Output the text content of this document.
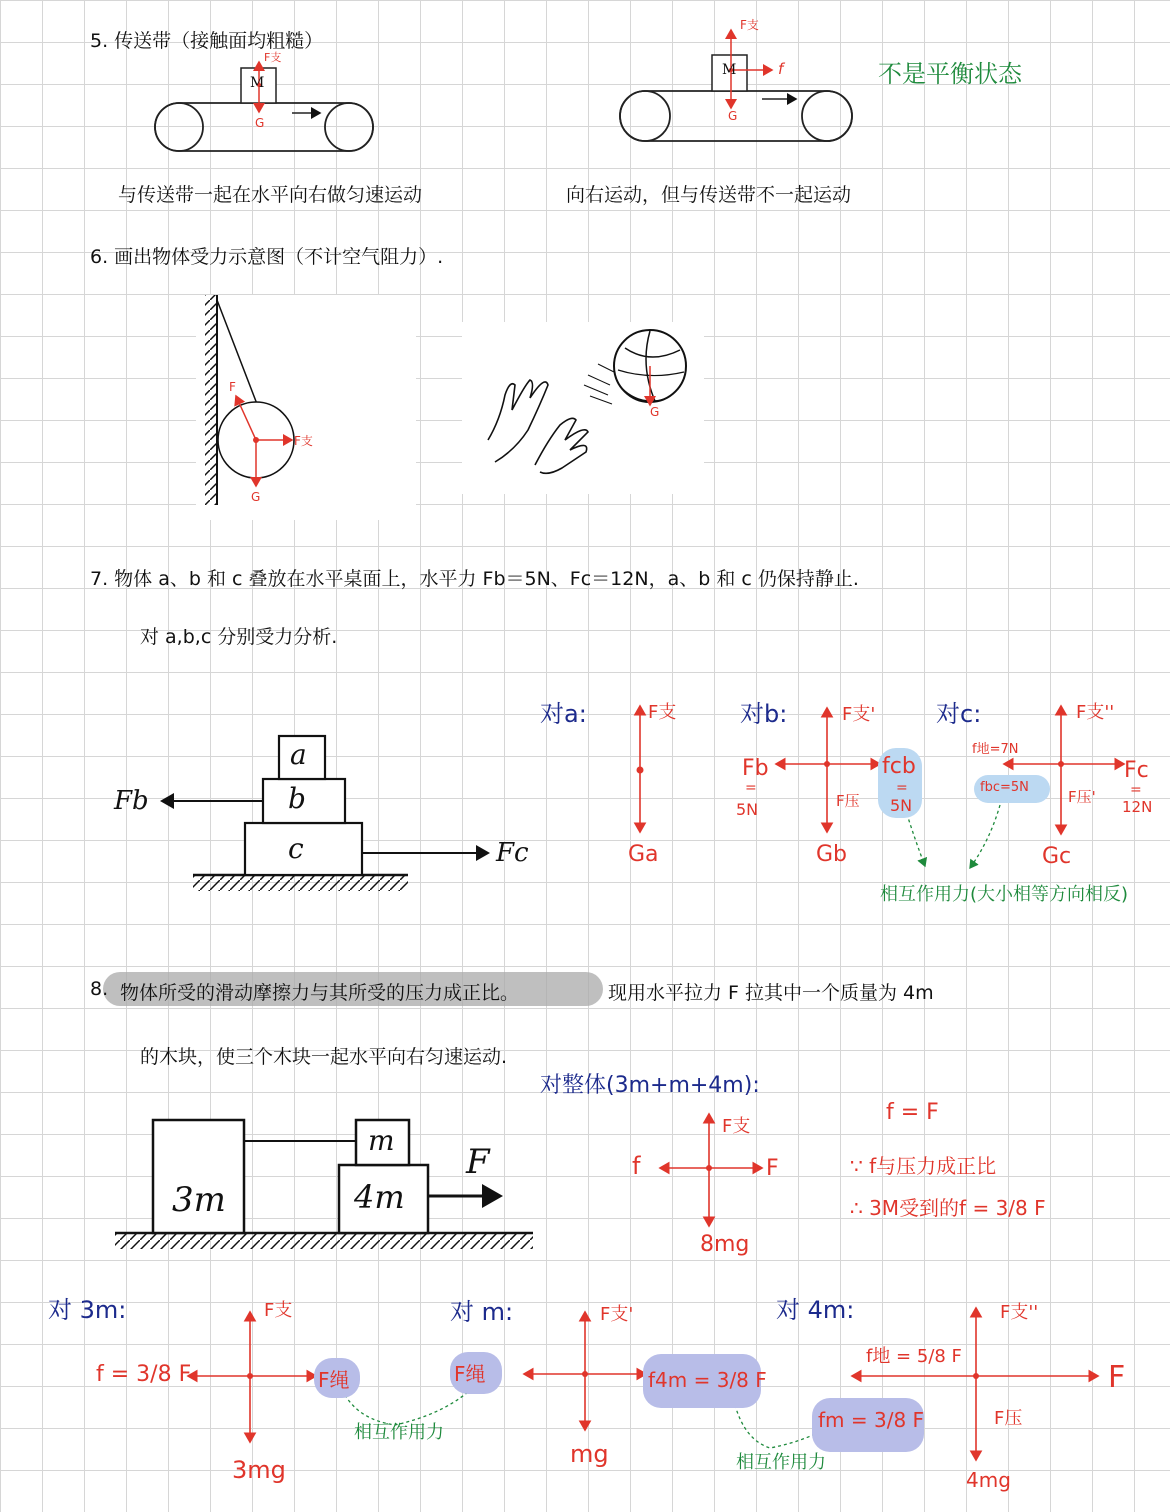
5. 传送带（接触面均粗糙）
M
F支
G
M
F支
G
f	不是平衡状态
与传送带一起在水平向右做匀速运动	向右运动，但与传送带不一起运动
6. 画出物体受力示意图（不计空气阻力）.
F
F支
G
G
7. 物体 a、b 和 c 叠放在水平桌面上，水平力 Fb＝5N、Fc＝12N，a、b 和 c 仍保持静止.
对 a,b,c 分别受力分析.
a
b
c
Fb
Fc
对a:	对b:	对c:
F支
Ga
F支'
Fb
=
5N
fcb
=
5N
F压
Gb
F支''
f地=7N
fbc=5N
Fc
=
12N
F压'
Gc
相互作用力(大小相等方向相反)
8. 物体所受的滑动摩擦力与其所受的压力成正比。	现用水平拉力 F 拉其中一个质量为 4m
的木块，使三个木块一起水平向右匀速运动.
3m
m
4m
F
对整体(3m+m+4m):
F支
f	F
8mg
f = F
∵ f与压力成正比
∴ 3M受到的f = 3/8 F
对 3m:	F支
f = 3/8 F	F绳
3mg
对 m:	F支'
F绳	f4m = 3/8 F
mg
对 4m:	F支''
f地 = 5/8 F
fm = 3/8 F
F
F压
4mg
相互作用力
相互作用力
